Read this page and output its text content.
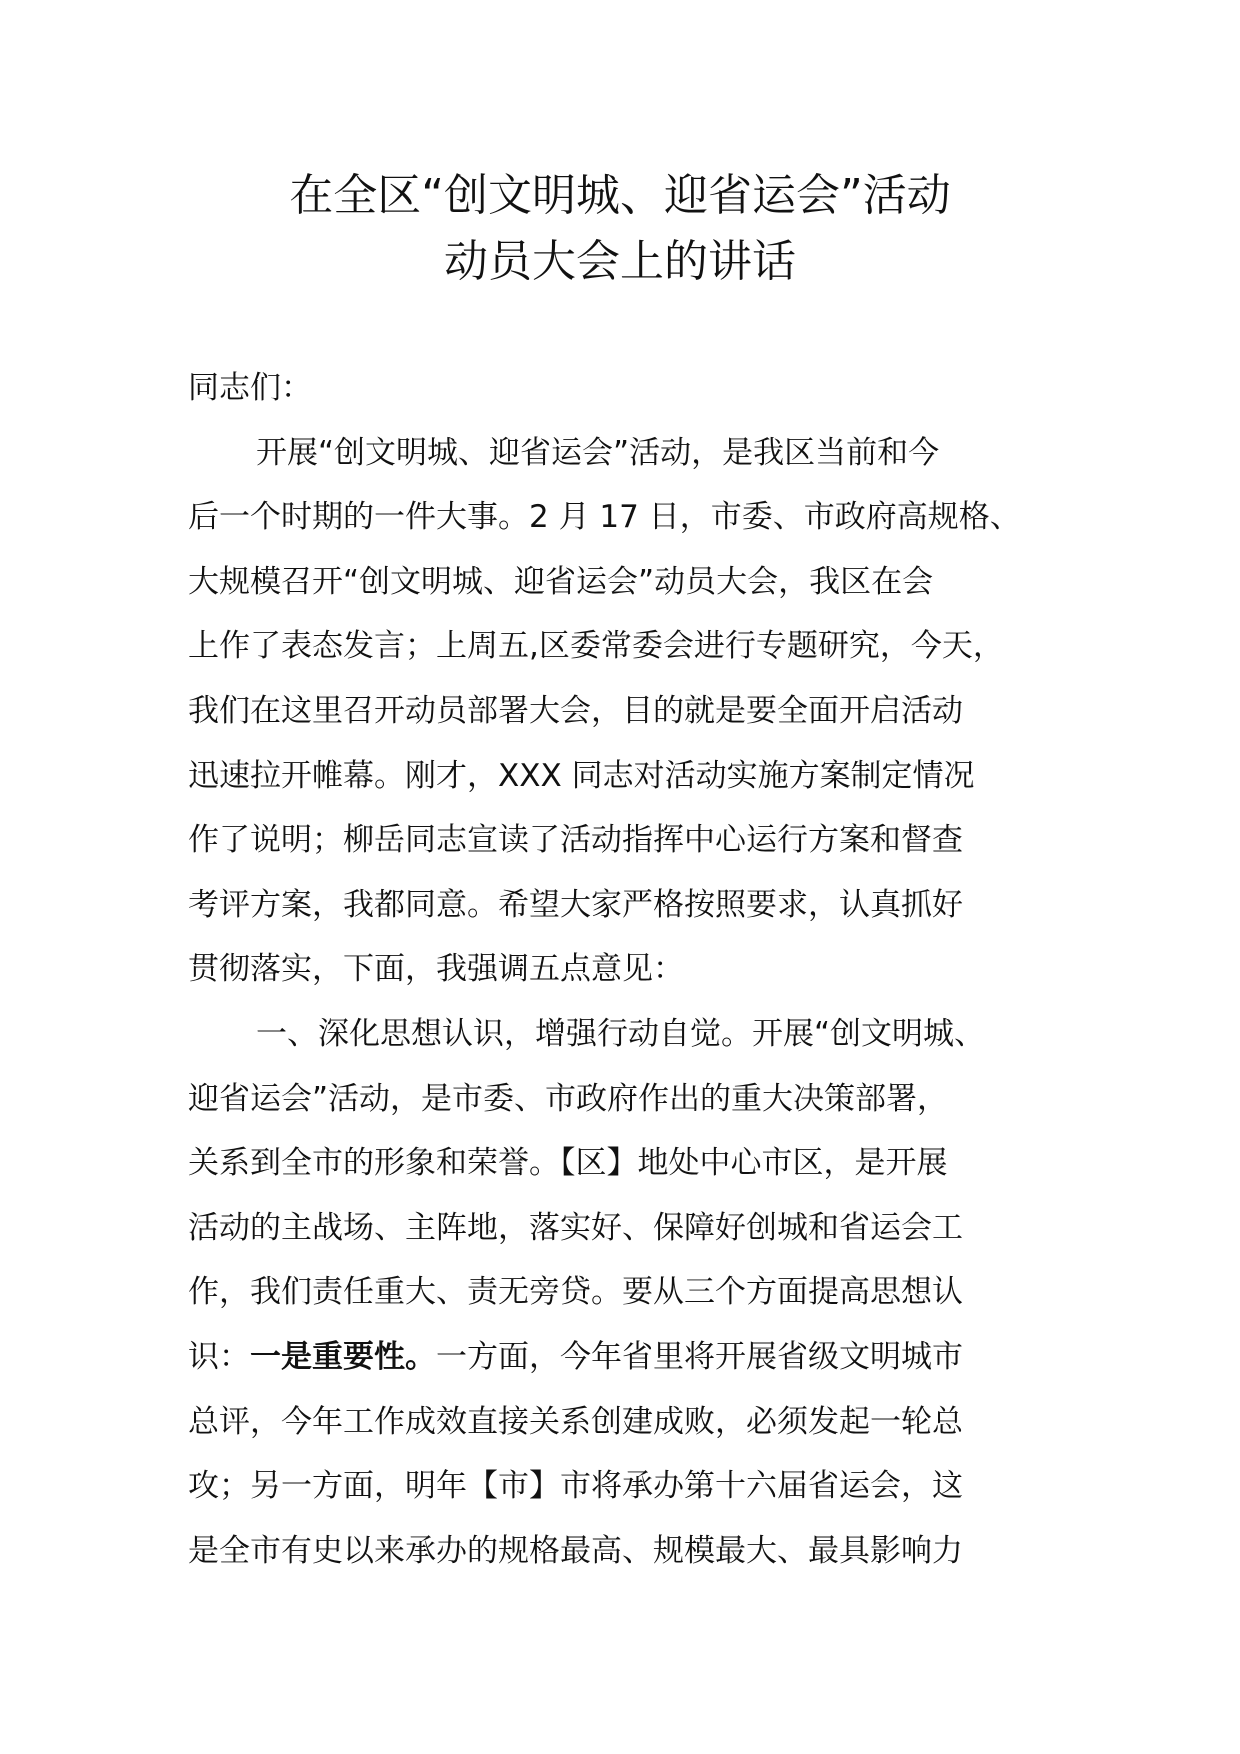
在全区“创文明城、迎省运会”活动
动员大会上的讲话
同志们：
开展“创文明城、迎省运会”活动，是我区当前和今
后一个时期的一件大事。2 月 17 日，市委、市政府高规格、
大规模召开“创文明城、迎省运会”动员大会，我区在会
上作了表态发言；上周五,区委常委会进行专题研究，今天，
我们在这里召开动员部署大会，目的就是要全面开启活动
迅速拉开帷幕。刚才，XXX 同志对活动实施方案制定情况
作了说明；柳岳同志宣读了活动指挥中心运行方案和督查
考评方案，我都同意。希望大家严格按照要求，认真抓好
贯彻落实，下面，我强调五点意见：
一、深化思想认识，增强行动自觉。开展“创文明城、
迎省运会”活动，是市委、市政府作出的重大决策部署，
关系到全市的形象和荣誉。【区】地处中心市区，是开展
活动的主战场、主阵地，落实好、保障好创城和省运会工
作，我们责任重大、责无旁贷。要从三个方面提高思想认
识：一是重要性。一方面，今年省里将开展省级文明城市
总评，今年工作成效直接关系创建成败，必须发起一轮总
攻；另一方面，明年【市】市将承办第十六届省运会，这
是全市有史以来承办的规格最高、规模最大、最具影响力
